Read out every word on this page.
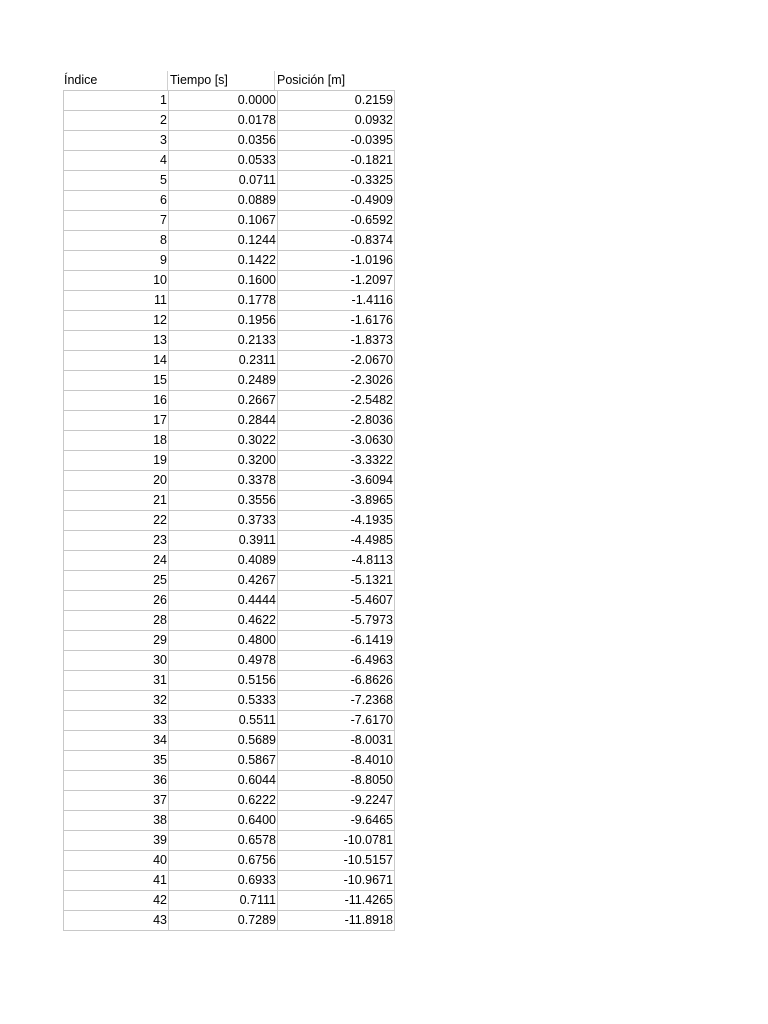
Índice	Tiempo [s]	Posición [m]
1	0.0000	0.2159
2	0.0178	0.0932
3	0.0356	-0.0395
4	0.0533	-0.1821
5	0.0711	-0.3325
6	0.0889	-0.4909
7	0.1067	-0.6592
8	0.1244	-0.8374
9	0.1422	-1.0196
10	0.1600	-1.2097
11	0.1778	-1.4116
12	0.1956	-1.6176
13	0.2133	-1.8373
14	0.2311	-2.0670
15	0.2489	-2.3026
16	0.2667	-2.5482
17	0.2844	-2.8036
18	0.3022	-3.0630
19	0.3200	-3.3322
20	0.3378	-3.6094
21	0.3556	-3.8965
22	0.3733	-4.1935
23	0.3911	-4.4985
24	0.4089	-4.8113
25	0.4267	-5.1321
26	0.4444	-5.4607
28	0.4622	-5.7973
29	0.4800	-6.1419
30	0.4978	-6.4963
31	0.5156	-6.8626
32	0.5333	-7.2368
33	0.5511	-7.6170
34	0.5689	-8.0031
35	0.5867	-8.4010
36	0.6044	-8.8050
37	0.6222	-9.2247
38	0.6400	-9.6465
39	0.6578	-10.0781
40	0.6756	-10.5157
41	0.6933	-10.9671
42	0.7111	-11.4265
43	0.7289	-11.8918
